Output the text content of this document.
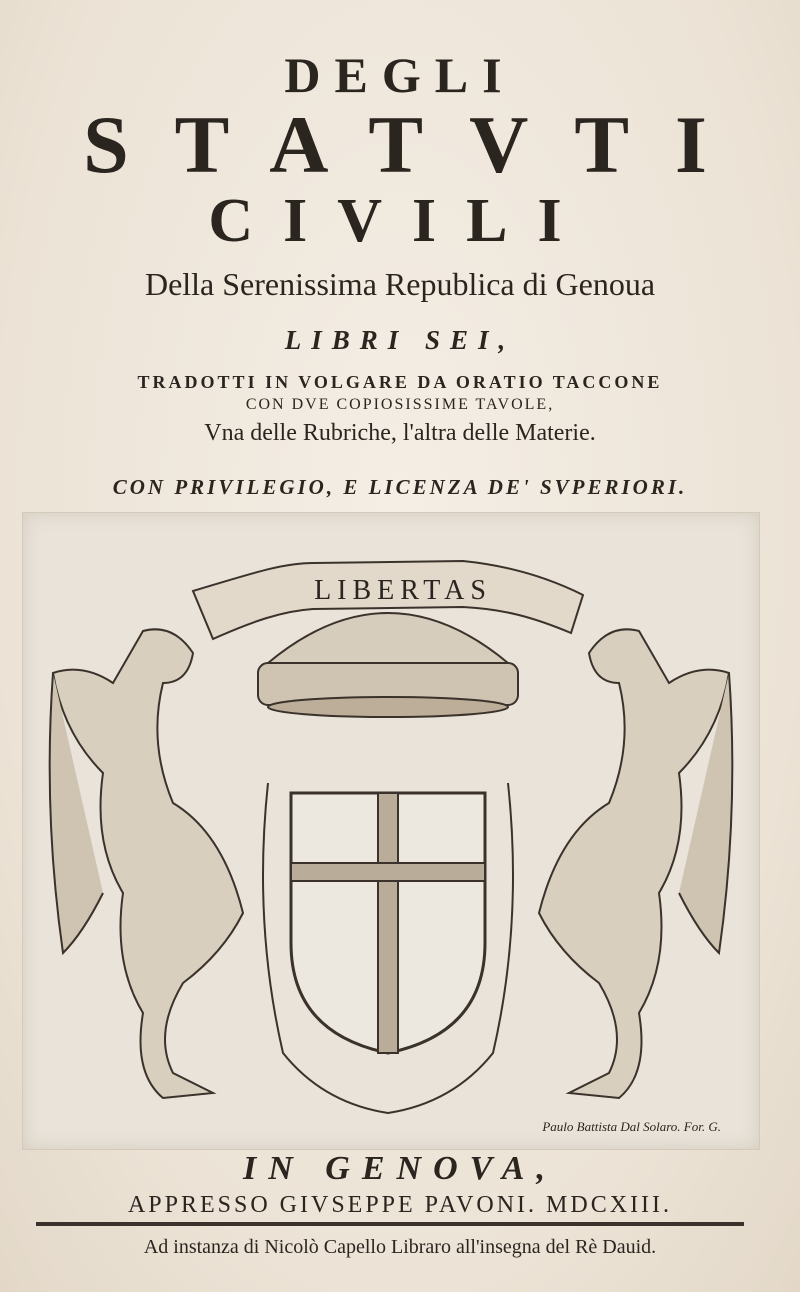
DEGLI
STATVTI
CIVILI
Della Serenissima Republica di Genoua
LIBRI SEI,
TRADOTTI IN VOLGARE DA ORATIO TACCONE
CON DVE COPIOSISSIME TAVOLE,
Vna delle Rubriche, l'altra delle Materie.
CON PRIVILEGIO, E LICENZA DE' SVPERIORI.
LIBERTAS
Paulo Battista Dal Solaro. For. G.
IN GENOVA,
APPRESSO GIVSEPPE PAVONI. MDCXIII.
Ad instanza di Nicolò Capello Libraro all'insegna del Rè Dauid.
